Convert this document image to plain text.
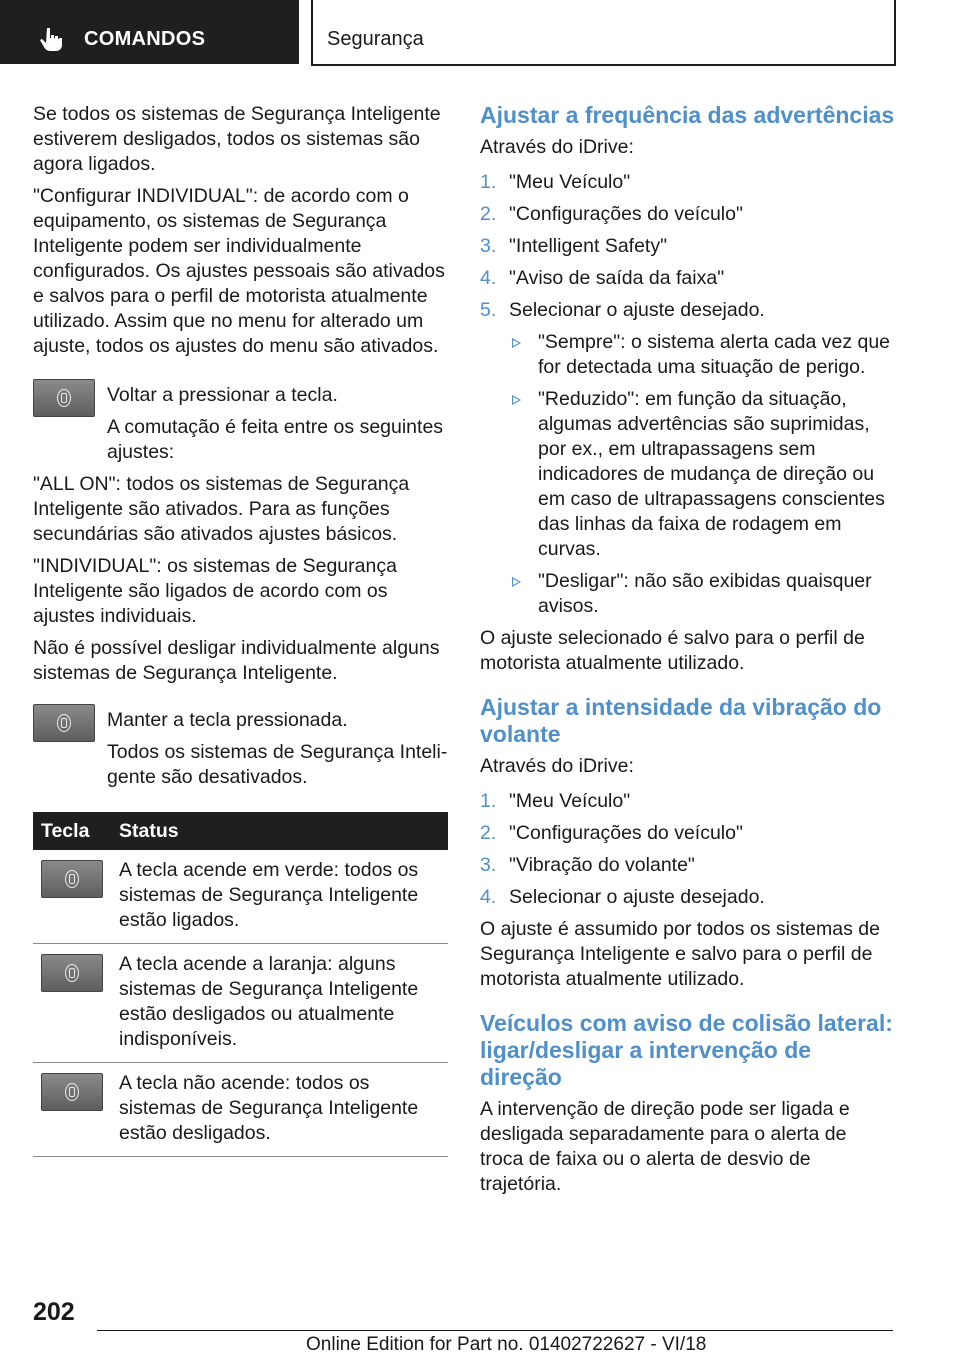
COMANDOS	Segurança

Se todos os sistemas de Segurança Inteligente estiverem desligados, todos os sistemas são agora ligados.

"Configurar INDIVIDUAL": de acordo com o equipamento, os sistemas de Segurança Inteligente podem ser individualmente configurados. Os ajustes pessoais são ativados e salvos para o perfil de motorista atualmente utilizado. Assim que no menu for alterado um ajuste, todos os ajustes do menu são ativados.

Voltar a pressionar a tecla.

A comutação é feita entre os seguintes ajustes:

"ALL ON": todos os sistemas de Segurança Inteligente são ativados. Para as funções secundárias são ativados ajustes básicos.

"INDIVIDUAL": os sistemas de Segurança Inteligente são ligados de acordo com os ajustes individuais.

Não é possível desligar individualmente alguns sistemas de Segurança Inteligente.

Manter a tecla pressionada.

Todos os sistemas de Segurança Inteligente são desativados.

Tecla	Status

	A tecla acende em verde: todos os sistemas de Segurança Inteligente estão ligados.

	A tecla acende a laranja: alguns sistemas de Segurança Inteligente estão desligados ou atualmente indisponíveis.

	A tecla não acende: todos os sistemas de Segurança Inteligente estão desligados.
Ajustar a frequência das advertências

Através do iDrive:

1. "Meu Veículo"
2. "Configurações do veículo"
3. "Intelligent Safety"
4. "Aviso de saída da faixa"
5. Selecionar o ajuste desejado.
"Sempre": o sistema alerta cada vez que for detectada uma situação de perigo.
"Reduzido": em função da situação, algumas advertências são suprimidas, por ex., em ultrapassagens sem indicadores de mudança de direção ou em caso de ultrapassagens conscientes das linhas da faixa de rodagem em curvas.
"Desligar": não são exibidas quaisquer avisos.

O ajuste selecionado é salvo para o perfil de motorista atualmente utilizado.

Ajustar a intensidade da vibração do volante

Através do iDrive:

1. "Meu Veículo"
2. "Configurações do veículo"
3. "Vibração do volante"
4. Selecionar o ajuste desejado.

O ajuste é assumido por todos os sistemas de Segurança Inteligente e salvo para o perfil de motorista atualmente utilizado.

Veículos com aviso de colisão lateral: ligar/desligar a intervenção de direção

A intervenção de direção pode ser ligada e desligada separadamente para o alerta de troca de faixa ou o alerta de desvio de trajetória.

202
Online Edition for Part no. 01402722627 - VI/18
